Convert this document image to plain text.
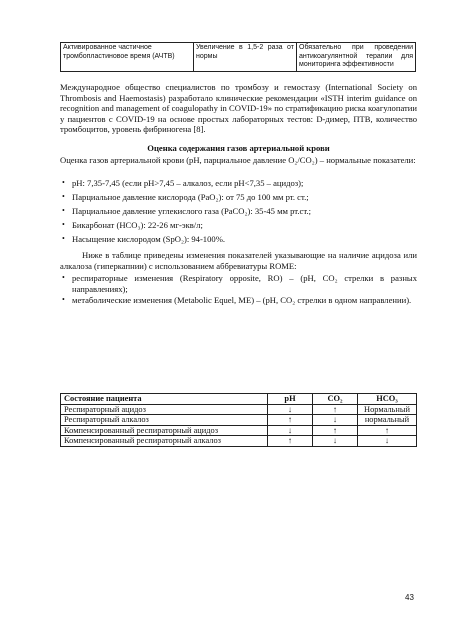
Активированное частичное тромбопластиновое время (АЧТВ)	Увеличение в 1,5-2 раза от нормы	Обязательно при проведении антикоагулянтной терапии для мониторинга эффективности
Международное общество специалистов по тромбозу и гемостазу (International Society on Thrombosis and Haemostasis) разработало клинические рекомендации «ISTH interim guidance on recognition and management of coagulopathy in COVID-19» по стратификацию риска коагулопатии у пациентов с COVID-19 на основе простых лабораторных тестов: D-димер, ПТВ, количество тромбоцитов, уровень фибриногена [8].
Оценка содержания газов артериальной крови
Оценка газов артериальной крови (pH, парциальное давление O₂/CO₂) – нормальные показатели:
• pH: 7,35-7,45 (если pH>7,45 – алкалоз, если pH<7,35 – ацидоз);
• Парциальное давление кислорода (PaO₂): от 75 до 100 мм рт. ст.;
• Парциальное давление углекислого газа (PaCO₂): 35-45 мм рт.ст.;
• Бикарбонат (HCO₃): 22-26 мг-экв/л;
• Насыщение кислородом (SpO₂): 94-100%.
Ниже в таблице приведены изменения показателей указывающие на наличие ацидоза или алкалоза (гиперкапнии) с использованием аббревиатуры ROME:
• респираторные изменения (Respiratory opposite, RO) – (pH, CO₂ стрелки в разных направлениях);
• метаболические изменения (Metabolic Equel, ME) – (pH, CO₂ стрелки в одном направлении).
Состояние пациента	pH	CO₂	HCO₃
Респираторный ацидоз	↓	↑	Нормальный
Респираторный алкалоз	↑	↓	нормальный
Компенсированный респираторный ацидоз	↓	↑	↑
Компенсированный респираторный алкалоз	↑	↓	↓
43
